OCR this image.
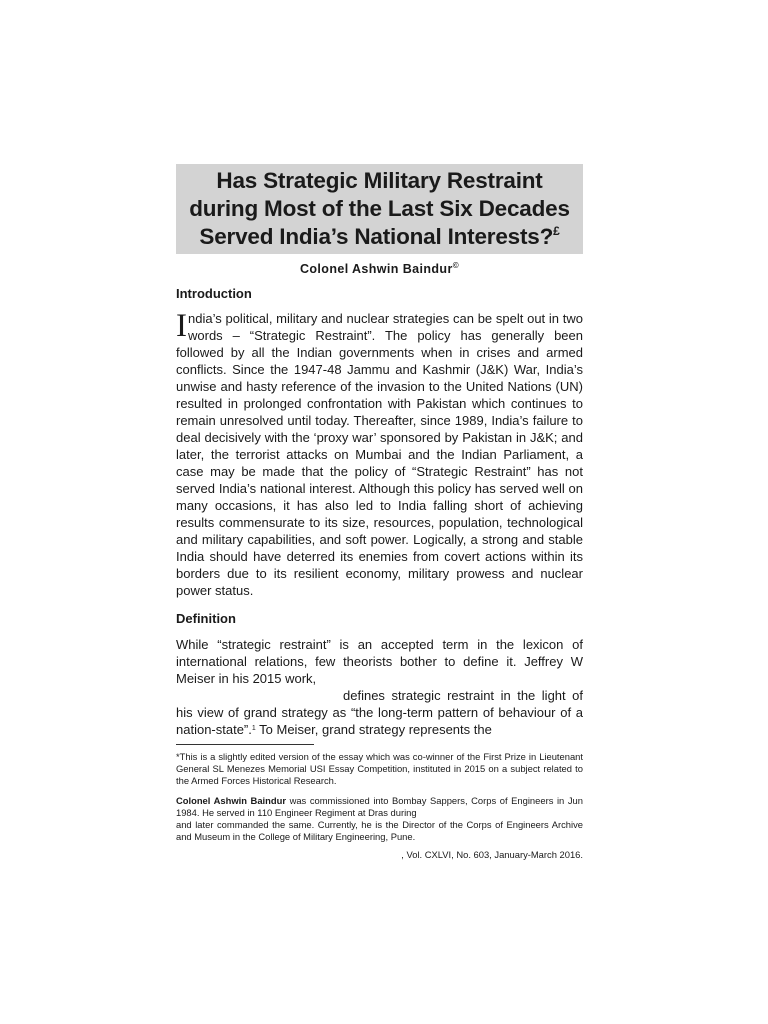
Has Strategic Military Restraint
during Most of the Last Six Decades
Served India’s National Interests?£
Colonel Ashwin Baindur©
Introduction

India’s political, military and nuclear strategies can be spelt out in two words – “Strategic Restraint”. The policy has generally been followed by all the Indian governments when in crises and armed conflicts. Since the 1947-48 Jammu and Kashmir (J&K) War, India’s unwise and hasty reference of the invasion to the United Nations (UN) resulted in prolonged confrontation with Pakistan which continues to remain unresolved until today. Thereafter, since 1989, India’s failure to deal decisively with the ‘proxy war’ sponsored by Pakistan in J&K; and later, the terrorist attacks on Mumbai and the Indian Parliament, a case may be made that the policy of “Strategic Restraint” has not served India’s national interest. Although this policy has served well on many occasions, it has also led to India falling short of achieving results commensurate to its size, resources, population, technological and military capabilities, and soft power. Logically, a strong and stable India should have deterred its enemies from covert actions within its borders due to its resilient economy, military prowess and nuclear power status.

Definition

While “strategic restraint” is an accepted term in the lexicon of international relations, few theorists bother to define it. Jeffrey W Meiser in his 2015 work,

defines strategic restraint in the light of his view of grand strategy as “the long-term pattern of behaviour of a nation-state”.$^1$ To Meiser, grand strategy represents the

*This is a slightly edited version of the essay which was co-winner of the First Prize in Lieutenant General SL Menezes Memorial USI Essay Competition, instituted in 2015 on a subject related to the Armed Forces Historical Research.

Colonel Ashwin Baindur was commissioned into Bombay Sappers, Corps of Engineers in Jun 1984. He served in 110 Engineer Regiment at Dras during

and later commanded the same. Currently, he is the Director of the Corps of Engineers Archive and Museum in the College of Military Engineering, Pune.

, Vol. CXLVI, No. 603, January-March 2016.
